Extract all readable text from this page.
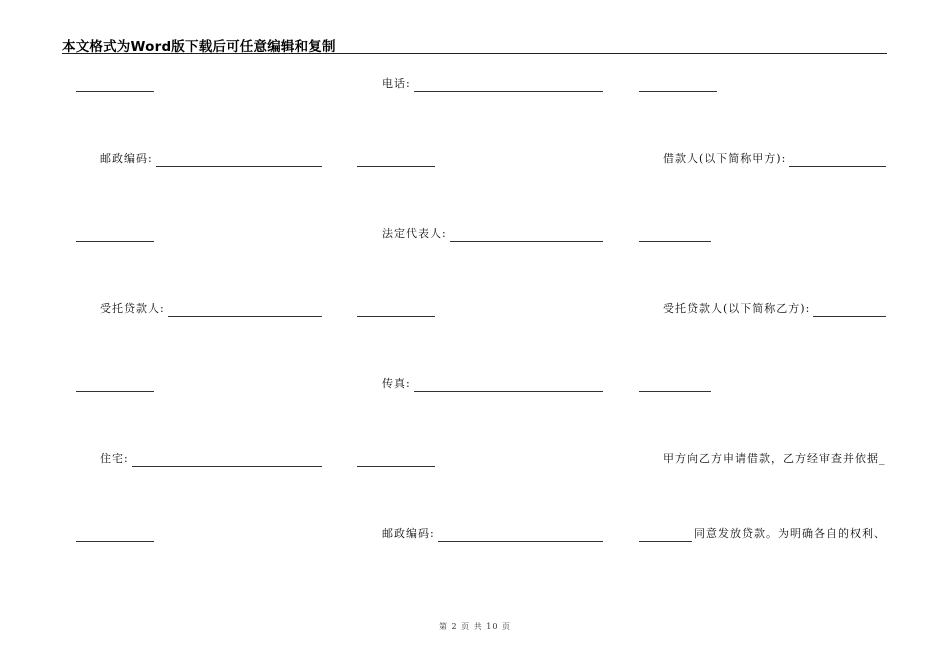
本文格式为Word版下载后可任意编辑和复制
电话:
邮政编码:	借款人(以下简称甲方):
法定代表人:
受托贷款人:	受托贷款人(以下简称乙方):
传真:
住宅:	甲方向乙方申请借款，乙方经审查并依据_
邮政编码:	同意发放贷款。为明确各自的权利、
第 2 页 共 10 页
